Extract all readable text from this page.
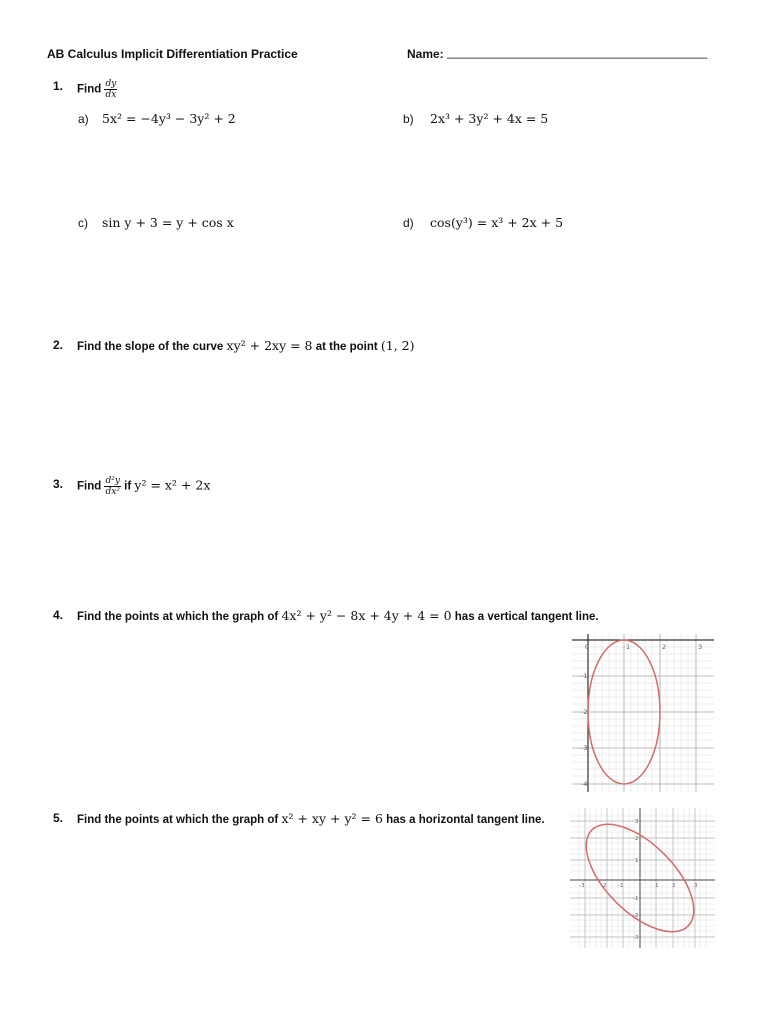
AB Calculus Implicit Differentiation Practice	Name: _______________________________________
1. Find $\frac{dy}{dx}$
a) 5x² = −4y³ − 3y² + 2	b) 2x³ + 3y² + 4x = 5
c) sin y + 3 = y + cos x	d) cos(y³) = x³ + 2x + 5
2. Find the slope of the curve xy² + 2xy = 8 at the point (1, 2)
3. Find $\frac{\text{d²y}}{\text{dx²}}$ if y² = x² + 2x
4. Find the points at which the graph of 4x² + y² − 8x + 4y + 4 = 0 has a vertical tangent line.
0	1	2	3
-1
-2
-3
-4
5. Find the points at which the graph of x² + xy + y² = 6 has a horizontal tangent line.
-3	-2 -1	1 2	3
3
2
1
-1
-2
-3
